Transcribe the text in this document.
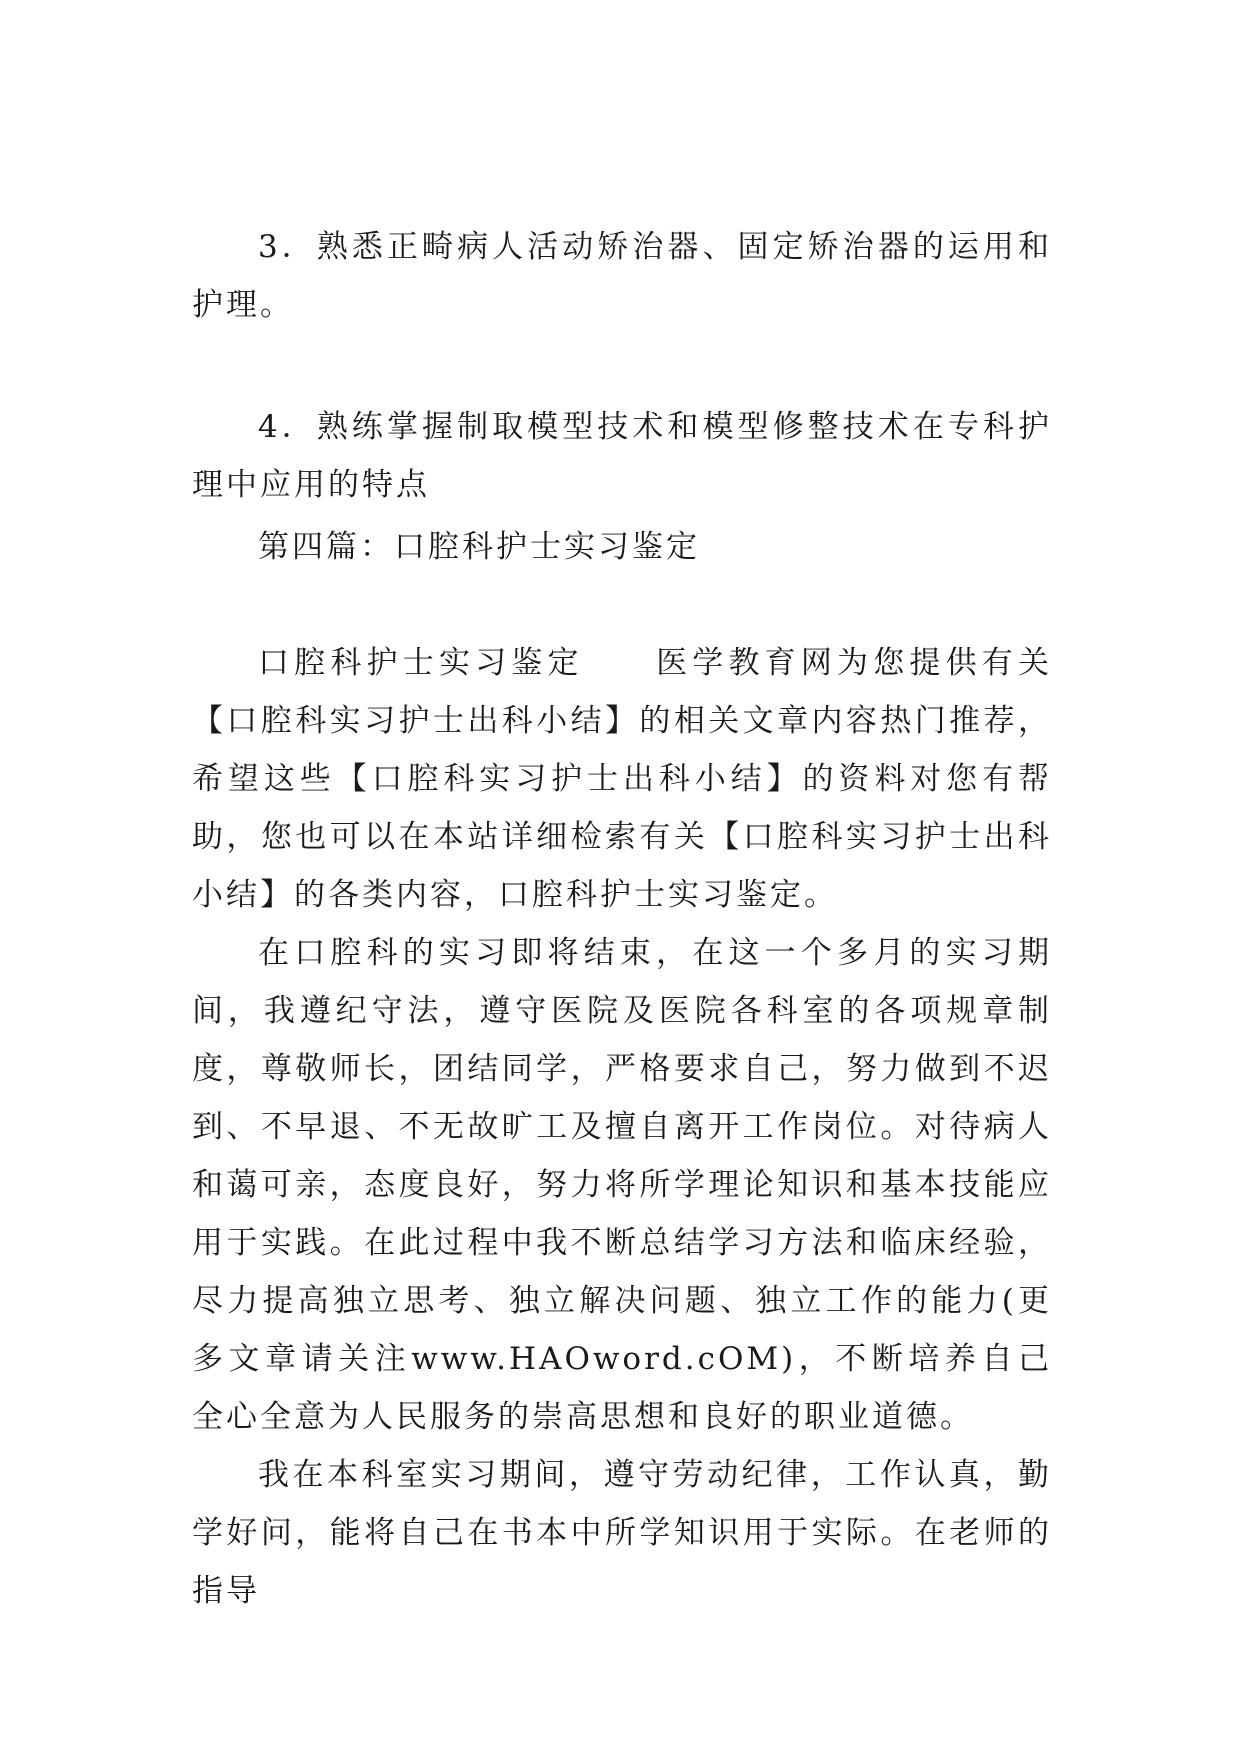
3．熟悉正畸病人活动矫治器、固定矫治器的运用和护理。

4．熟练掌握制取模型技术和模型修整技术在专科护理中应用的特点

第四篇：口腔科护士实习鉴定

口腔科护士实习鉴定　　医学教育网为您提供有关【口腔科实习护士出科小结】的相关文章内容热门推荐，希望这些【口腔科实习护士出科小结】的资料对您有帮助，您也可以在本站详细检索有关【口腔科实习护士出科小结】的各类内容，口腔科护士实习鉴定。

在口腔科的实习即将结束，在这一个多月的实习期间，我遵纪守法，遵守医院及医院各科室的各项规章制度，尊敬师长，团结同学，严格要求自己，努力做到不迟到、不早退、不无故旷工及擅自离开工作岗位。对待病人和蔼可亲，态度良好，努力将所学理论知识和基本技能应用于实践。在此过程中我不断总结学习方法和临床经验，尽力提高独立思考、独立解决问题、独立工作的能力(更多文章请关注www.HAOword.cOM)，不断培养自己全心全意为人民服务的崇高思想和良好的职业道德。

我在本科室实习期间，遵守劳动纪律，工作认真，勤学好问，能将自己在书本中所学知识用于实际。在老师的指导
